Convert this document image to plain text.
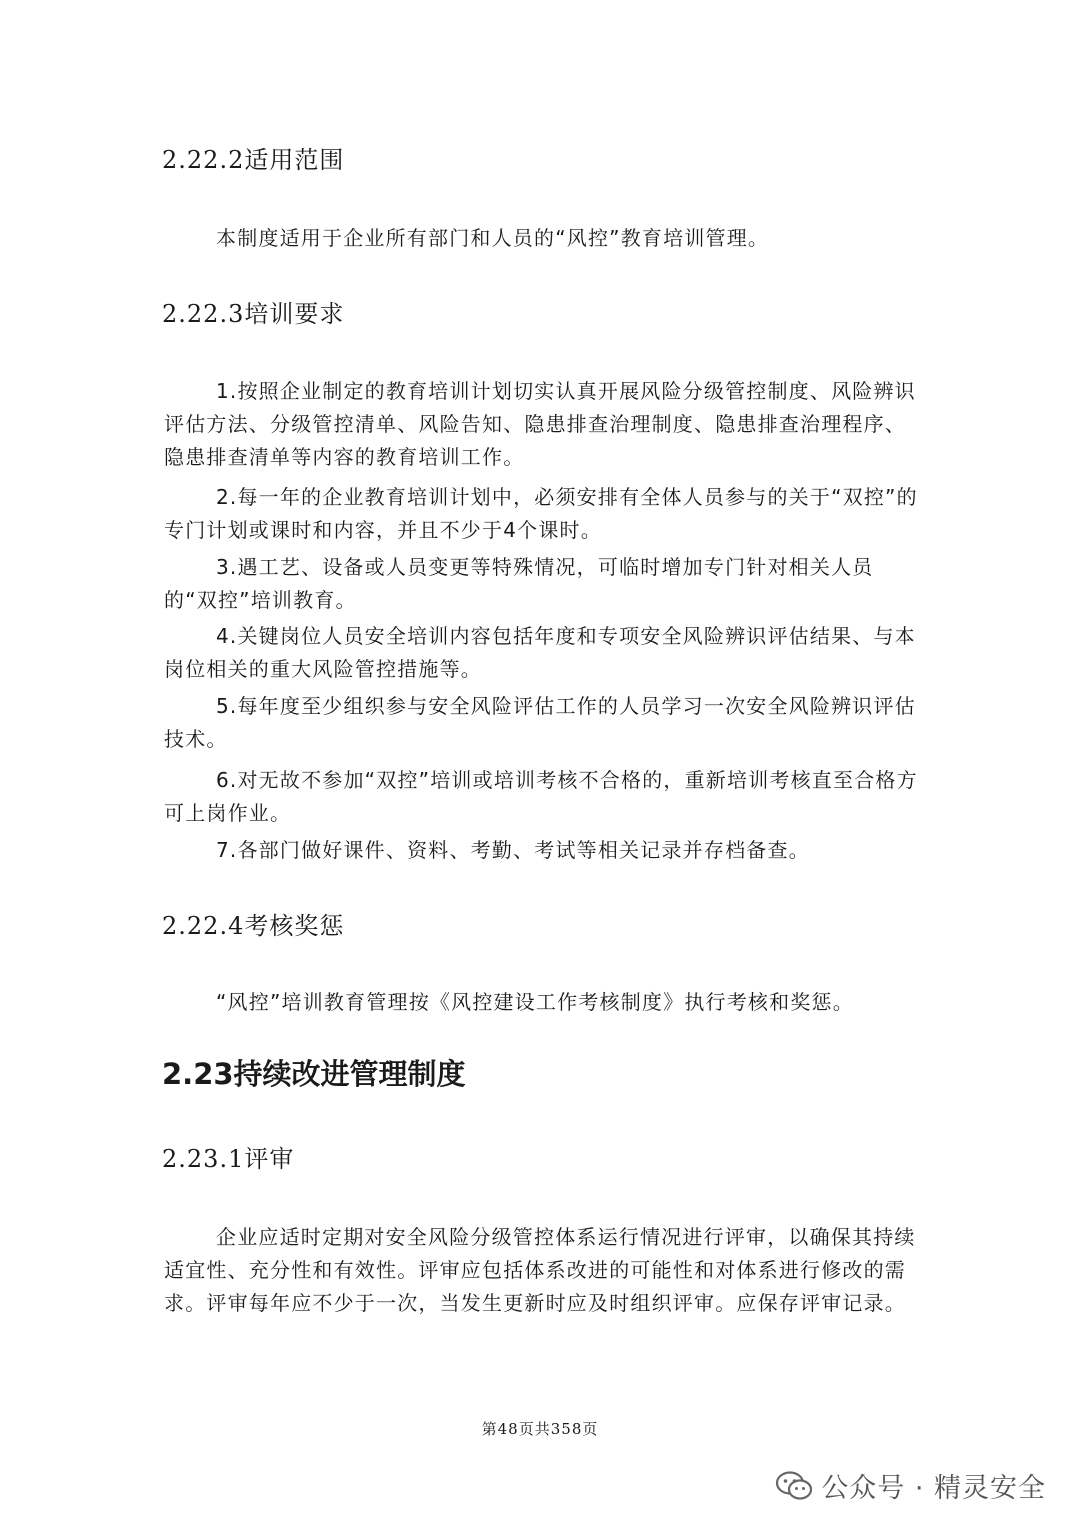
2.22.2适用范围

本制度适用于企业所有部门和人员的“风控”教育培训管理。

2.22.3培训要求

1.按照企业制定的教育培训计划切实认真开展风险分级管控制度、风险辨识评估方法、分级管控清单、风险告知、隐患排查治理制度、隐患排查治理程序、隐患排查清单等内容的教育培训工作。

2.每一年的企业教育培训计划中，必须安排有全体人员参与的关于“双控”的专门计划或课时和内容，并且不少于4个课时。

3.遇工艺、设备或人员变更等特殊情况，可临时增加专门针对相关人员的“双控”培训教育。

4.关键岗位人员安全培训内容包括年度和专项安全风险辨识评估结果、与本岗位相关的重大风险管控措施等。

5.每年度至少组织参与安全风险评估工作的人员学习一次安全风险辨识评估技术。

6.对无故不参加“双控”培训或培训考核不合格的，重新培训考核直至合格方可上岗作业。

7.各部门做好课件、资料、考勤、考试等相关记录并存档备查。

2.22.4考核奖惩

“风控”培训教育管理按《风控建设工作考核制度》执行考核和奖惩。

2.23持续改进管理制度
2.23.1评审

企业应适时定期对安全风险分级管控体系运行情况进行评审，以确保其持续适宜性、充分性和有效性。评审应包括体系改进的可能性和对体系进行修改的需求。评审每年应不少于一次，当发生更新时应及时组织评审。应保存评审记录。

第48页共358页
公众号 · 精灵安全
